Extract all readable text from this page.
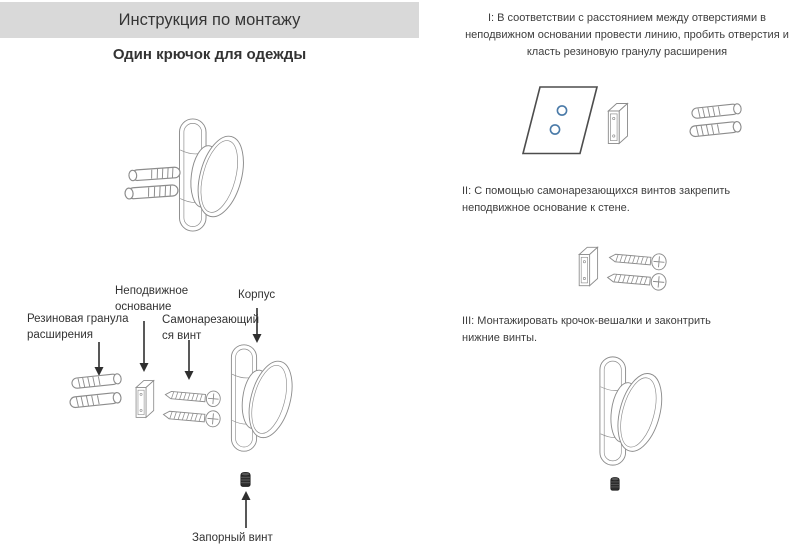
Инструкция по монтажу
Один крючок для одежды
Резиновая гранула
расширения
Неподвижное
основание
Самонарезающий
ся винт
Корпус
Запорный винт
I: В соответствии с расстоянием между отверстиями в неподвижном основании провести линию, пробить отверстия и класть резиновую гранулу расширения
II: С помощью самонарезающихся винтов закрепить неподвижное основание к стене.
III: Монтажировать крочок-вешалки и законтрить нижние винты.
